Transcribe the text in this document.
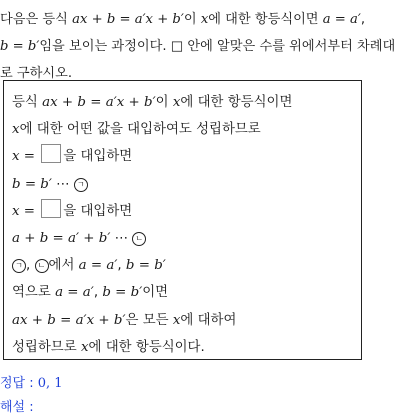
다음은 등식 ax + b = a′x + b′이 x에 대한 항등식이면 a = a′,
b = b′임을 보이는 과정이다. □ 안에 알맞은 수를 위에서부터 차례대로 구하시오.
등식 ax + b = a′x + b′이 x에 대한 항등식이면
x에 대한 어떤 값을 대입하여도 성립하므로
x = 을 대입하면
b = b′ ⋯ ㄱ
x = 을 대입하면
a + b = a′ + b′ ⋯ ㄴ
ㄱ , ㄴ 에서 a = a′, b = b′
역으로 a = a′, b = b′이면
ax + b = a′x + b′은 모든 x에 대하여
성립하므로 x에 대한 항등식이다.
정답 : 0, 1
해설 :
